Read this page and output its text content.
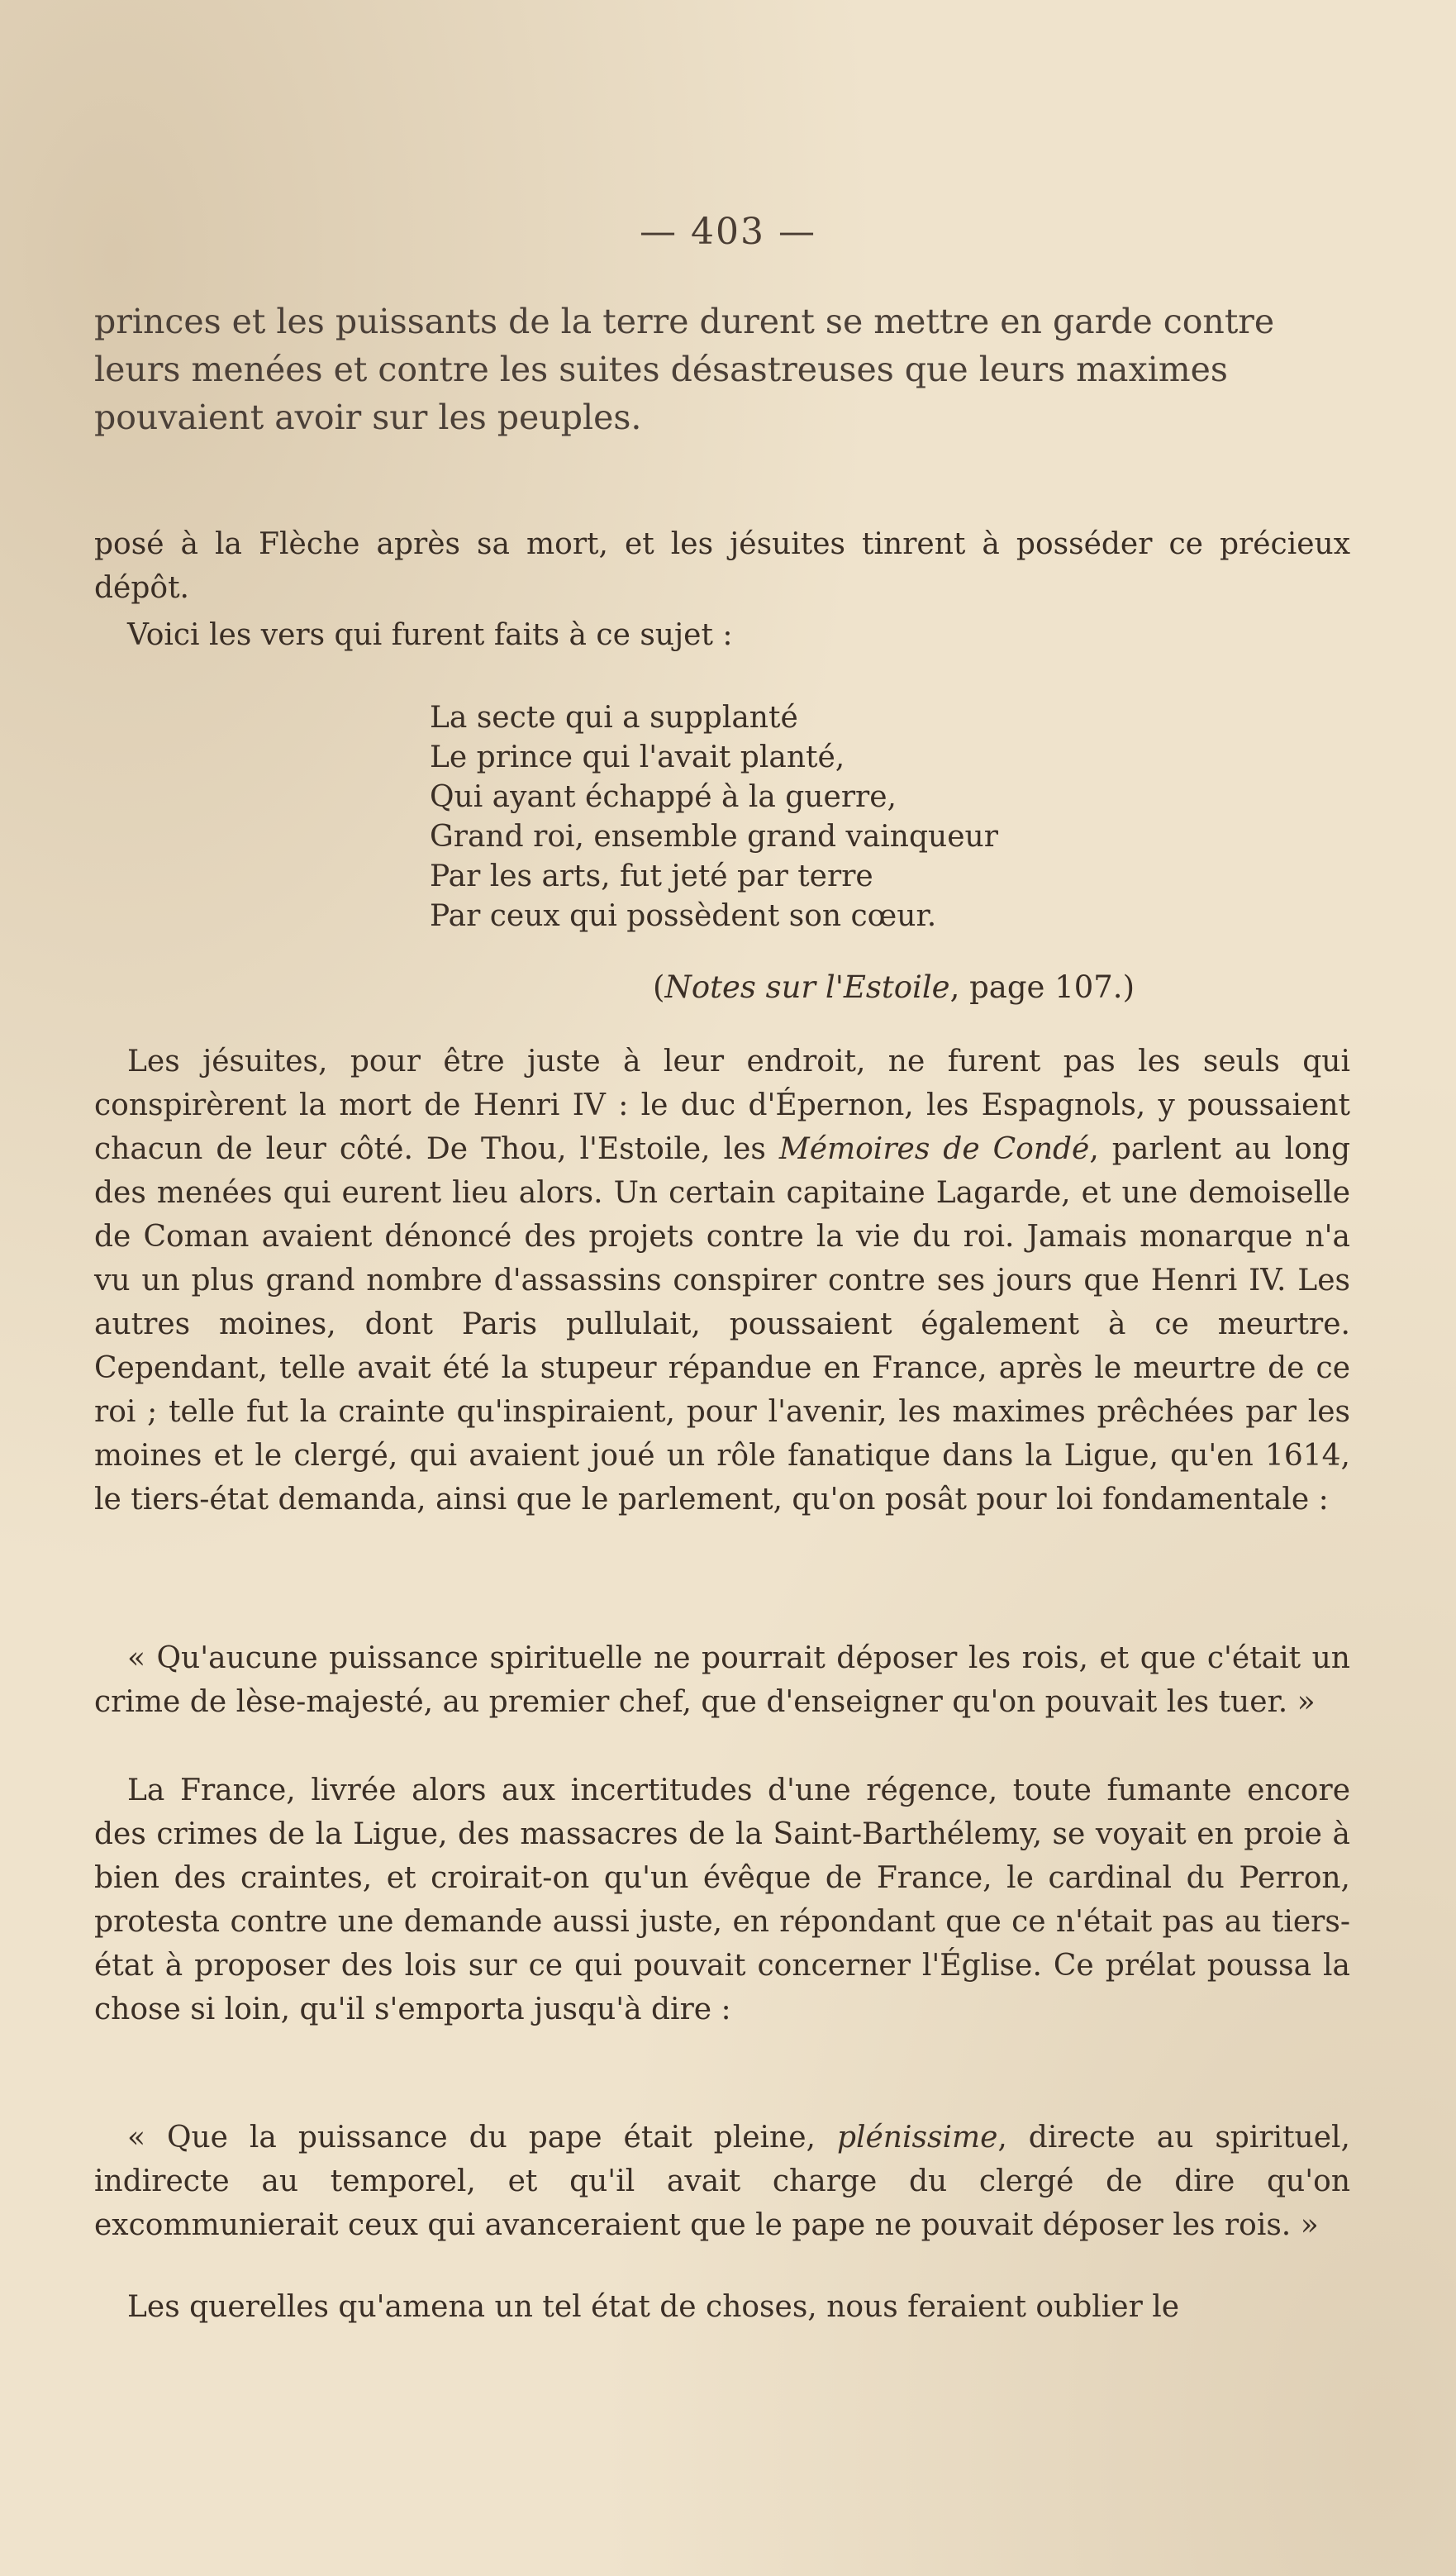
— 403 —

princes et les puissants de la terre durent se mettre en garde contre leurs menées et contre les suites désastreuses que leurs maximes pouvaient avoir sur les peuples.

posé à la Flèche après sa mort, et les jésuites tinrent à posséder ce précieux dépôt.

Voici les vers qui furent faits à ce sujet :

La secte qui a supplanté
Le prince qui l'avait planté,
Qui ayant échappé à la guerre,
Grand roi, ensemble grand vainqueur
Par les arts, fut jeté par terre
Par ceux qui possèdent son cœur.
(Notes sur l'Estoile, page 107.)

Les jésuites, pour être juste à leur endroit, ne furent pas les seuls qui conspirèrent la mort de Henri IV : le duc d'Épernon, les Espagnols, y poussaient chacun de leur côté. De Thou, l'Estoile, les Mémoires de Condé, parlent au long des menées qui eurent lieu alors. Un certain capitaine Lagarde, et une demoiselle de Coman avaient dénoncé des projets contre la vie du roi. Jamais monarque n'a vu un plus grand nombre d'assassins conspirer contre ses jours que Henri IV. Les autres moines, dont Paris pullulait, poussaient également à ce meurtre. Cependant, telle avait été la stupeur répandue en France, après le meurtre de ce roi ; telle fut la crainte qu'inspiraient, pour l'avenir, les maximes prêchées par les moines et le clergé, qui avaient joué un rôle fanatique dans la Ligue, qu'en 1614, le tiers-état demanda, ainsi que le parlement, qu'on posât pour loi fondamentale :

« Qu'aucune puissance spirituelle ne pourrait déposer les rois, et que c'était un crime de lèse-majesté, au premier chef, que d'enseigner qu'on pouvait les tuer. »

La France, livrée alors aux incertitudes d'une régence, toute fumante encore des crimes de la Ligue, des massacres de la Saint-Barthélemy, se voyait en proie à bien des craintes, et croirait-on qu'un évêque de France, le cardinal du Perron, protesta contre une demande aussi juste, en répondant que ce n'était pas au tiers-état à proposer des lois sur ce qui pouvait concerner l'Église. Ce prélat poussa la chose si loin, qu'il s'emporta jusqu'à dire :

« Que la puissance du pape était pleine, plénissime, directe au spirituel, indirecte au temporel, et qu'il avait charge du clergé de dire qu'on excommunierait ceux qui avanceraient que le pape ne pouvait déposer les rois. »

Les querelles qu'amena un tel état de choses, nous feraient oublier le
